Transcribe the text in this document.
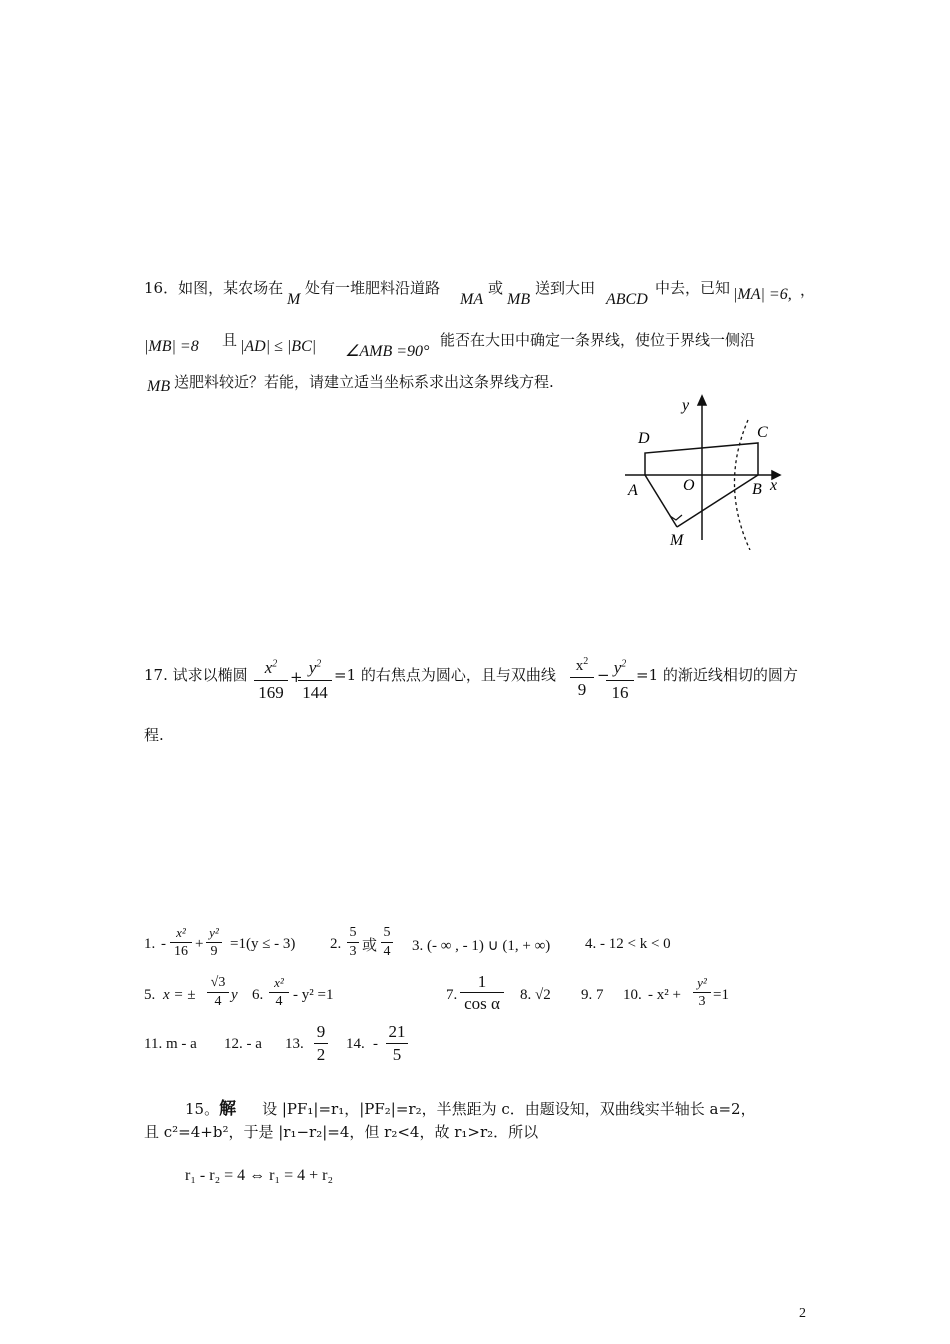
16．如图，某农场在
M
处有一堆肥料沿道路
MA
或
MB
送到大田
ABCD
中去，已知 |MA| =6, ，
|MB| =8 且 |AD| ≤ |BC| ∠AMB =90°
能否在大田中确定一条界线，使位于界线一侧沿
MB 送肥料较近？若能，请建立适当坐标系求出这条界线方程.
y
x
D	C
A	O	B
M
17. 试求以椭圆	$x^2$
169
+ $y^2$
144
=1 的右焦点为圆心，且与双曲线	$x^2$
9
− $y^2$
16
=1 的渐近线相切的圆方
程.
1. -
x²
16 +
y²
9 =1(y ≤ - 3) 2.
5
3 或
5
4 3. (- ∞ , - 1) ∪ (1, + ∞) 4. - 12 < k < 0
5. x = ±
√3
4 y 6.
x²
4 - y² =1	7.
1
cos α 8. √2 9. 7 10. - x² +
y²
3 =1
11. m - a 12. - a 13.
9
2
14. -
21
5
15。解 设 |PF₁|=r₁，|PF₂|=r₂，半焦距为 c．由题设知，双曲线实半轴长 a=2，
且 c²=4+b²，于是 |r₁−r₂|=4，但 r₂<4，故 r₁>r₂．所以
r₁ - r₂ = 4 ⇔ r₁ = 4 + r₂
2
